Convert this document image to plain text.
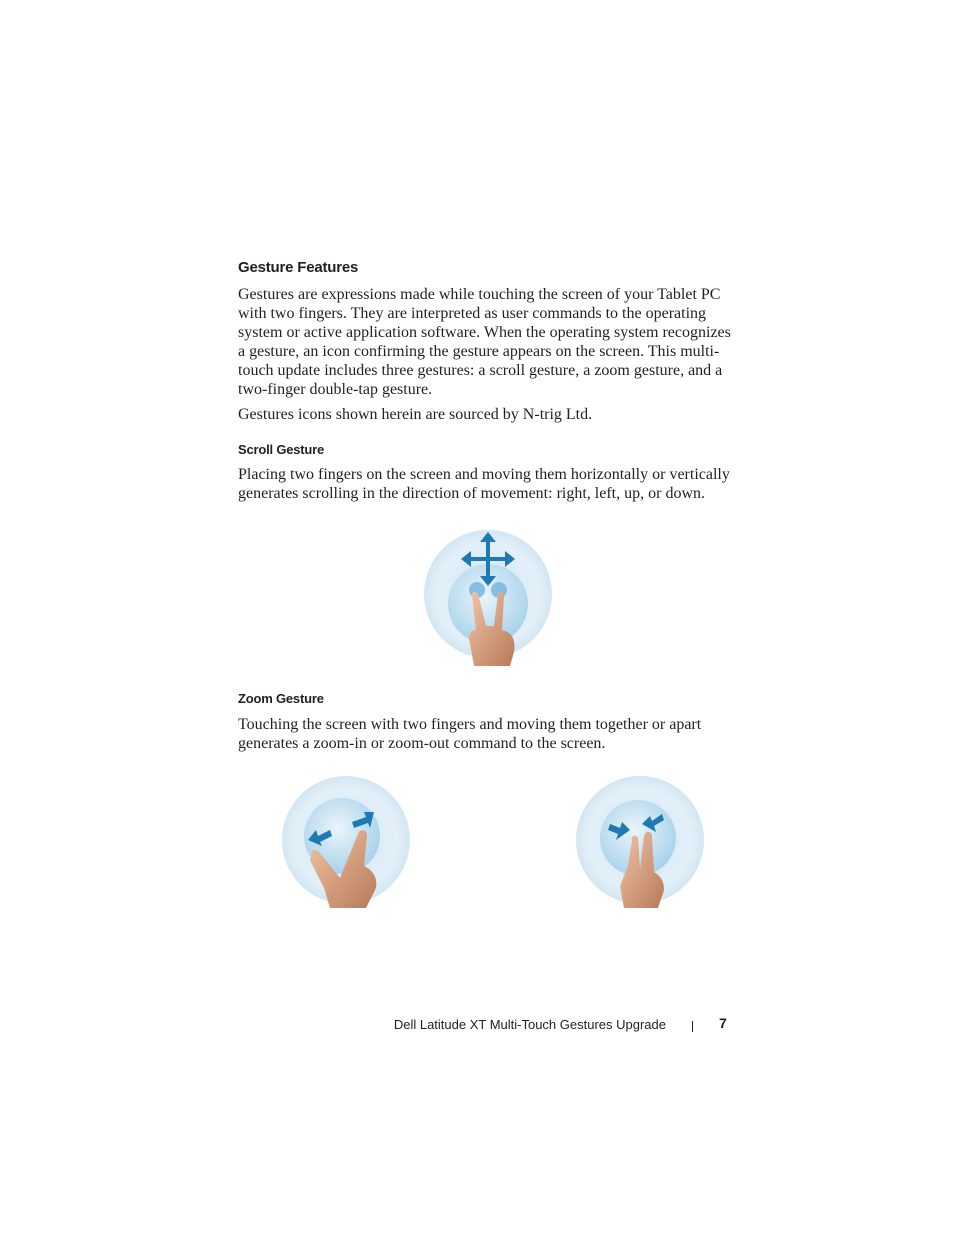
Gesture Features

Gestures are expressions made while touching the screen of your Tablet PC with two fingers. They are interpreted as user commands to the operating system or active application software. When the operating system recognizes a gesture, an icon confirming the gesture appears on the screen. This multi-touch update includes three gestures: a scroll gesture, a zoom gesture, and a two-finger double-tap gesture.

Gestures icons shown herein are sourced by N-trig Ltd.

Scroll Gesture

Placing two fingers on the screen and moving them horizontally or vertically generates scrolling in the direction of movement: right, left, up, or down.

Zoom Gesture

Touching the screen with two fingers and moving them together or apart generates a zoom-in or zoom-out command to the screen.

Dell Latitude XT Multi-Touch Gestures Upgrade	7
